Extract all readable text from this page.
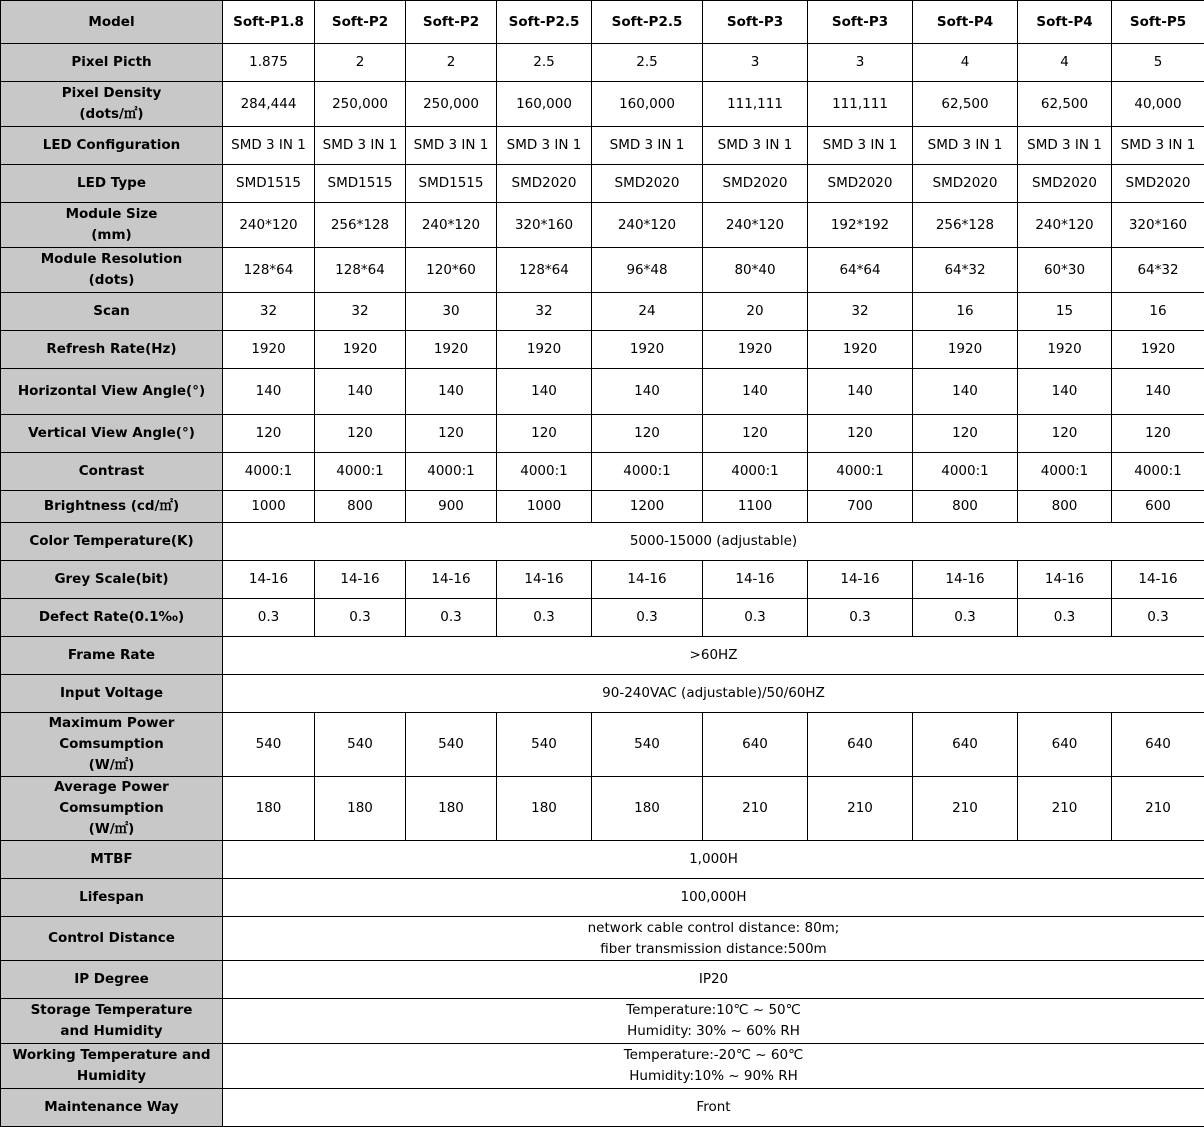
Model	Soft-P1.8	Soft-P2	Soft-P2	Soft-P2.5	Soft-P2.5	Soft-P3	Soft-P3	Soft-P4	Soft-P4	Soft-P5
Pixel Picth	1.875	2	2	2.5	2.5	3	3	4	4	5
Pixel Density
(dots/㎡)	284,444	250,000	250,000	160,000	160,000	111,111	111,111	62,500	62,500	40,000
LED Configuration	SMD 3 IN 1	SMD 3 IN 1	SMD 3 IN 1	SMD 3 IN 1	SMD 3 IN 1	SMD 3 IN 1	SMD 3 IN 1	SMD 3 IN 1	SMD 3 IN 1	SMD 3 IN 1
LED Type	SMD1515	SMD1515	SMD1515	SMD2020	SMD2020	SMD2020	SMD2020	SMD2020	SMD2020	SMD2020
Module Size
(mm)	240*120	256*128	240*120	320*160	240*120	240*120	192*192	256*128	240*120	320*160
Module Resolution
(dots)	128*64	128*64	120*60	128*64	96*48	80*40	64*64	64*32	60*30	64*32
Scan	32	32	30	32	24	20	32	16	15	16
Refresh Rate(Hz)	1920	1920	1920	1920	1920	1920	1920	1920	1920	1920
Horizontal View Angle(°)	140	140	140	140	140	140	140	140	140	140
Vertical View Angle(°)	120	120	120	120	120	120	120	120	120	120
Contrast	4000:1	4000:1	4000:1	4000:1	4000:1	4000:1	4000:1	4000:1	4000:1	4000:1
Brightness (cd/㎡)	1000	800	900	1000	1200	1100	700	800	800	600
Color Temperature(K)	5000-15000 (adjustable)									
Grey Scale(bit)	14-16	14-16	14-16	14-16	14-16	14-16	14-16	14-16	14-16	14-16
Defect Rate(0.1‰)	0.3	0.3	0.3	0.3	0.3	0.3	0.3	0.3	0.3	0.3
Frame Rate	>60HZ									
Input Voltage	90-240VAC (adjustable)/50/60HZ									
Maximum Power Comsumption
(W/㎡)	540	540	540	540	540	640	640	640	640	640
Average Power Comsumption
(W/㎡)	180	180	180	180	180	210	210	210	210	210
MTBF	1,000H									
Lifespan	100,000H									
Control Distance	network cable control distance: 80m;
fiber transmission distance:500m									
IP Degree	IP20									
Storage Temperature
and Humidity	Temperature:10℃ ~ 50℃
Humidity: 30% ~ 60% RH									
Working Temperature and
Humidity	Temperature:-20℃ ~ 60℃
Humidity:10% ~ 90% RH									
Maintenance Way	Front									
